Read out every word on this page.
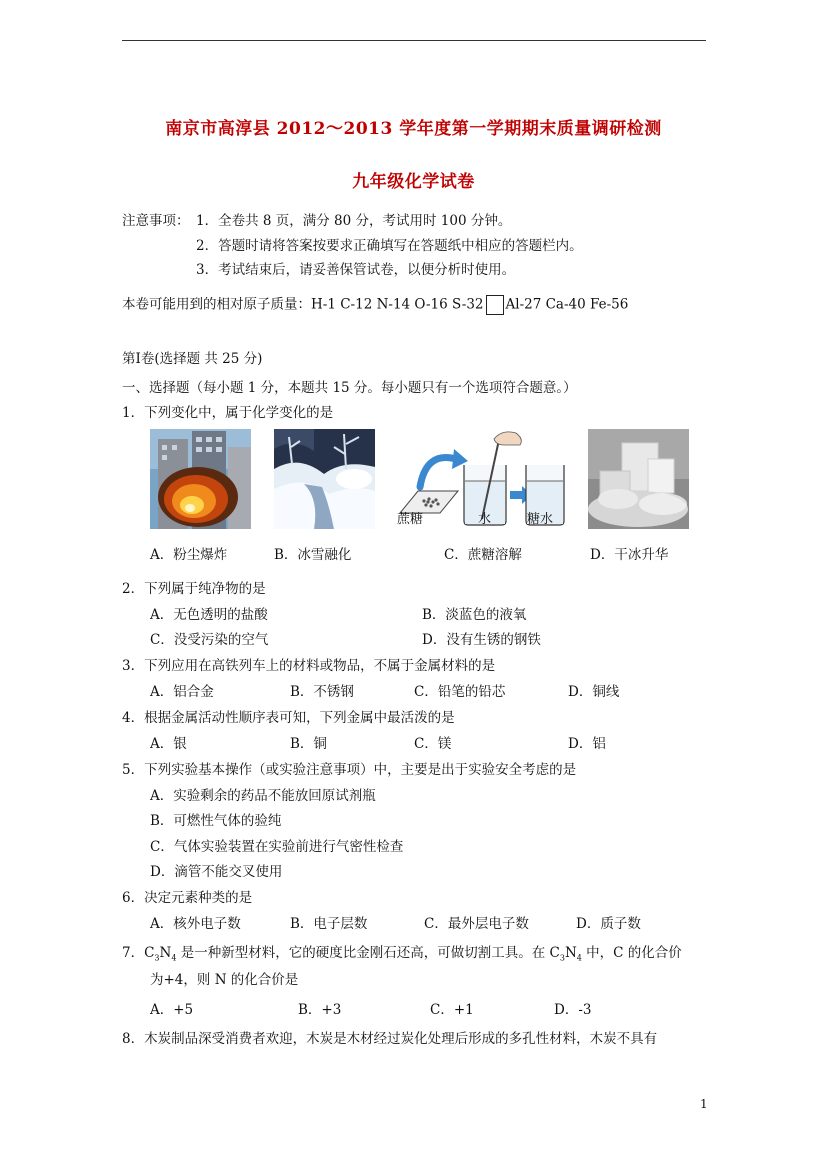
南京市高淳县 2012～2013 学年度第一学期期末质量调研检测
九年级化学试卷
注意事项： 1．全卷共 8 页，满分 80 分，考试用时 100 分钟。
2．答题时请将答案按要求正确填写在答题纸中相应的答题栏内。
3．考试结束后，请妥善保管试卷，以便分析时使用。
本卷可能用到的相对原子质量：H-1 C-12 N-14 O-16 S-32 Al-27 Ca-40 Fe-56
第Ⅰ卷(选择题 共 25 分)
一、选择题（每小题 1 分，本题共 15 分。每小题只有一个选项符合题意。）
1．下列变化中，属于化学变化的是
蔗糖	水	糖水
A．粉尘爆炸	B．冰雪融化	C．蔗糖溶解	D．干冰升华
2．下列属于纯净物的是
A．无色透明的盐酸	B．淡蓝色的液氧
C．没受污染的空气	D．没有生锈的钢铁
3．下列应用在高铁列车上的材料或物品，不属于金属材料的是
A．铝合金	B．不锈钢	C．铅笔的铅芯	D．铜线
4．根据金属活动性顺序表可知，下列金属中最活泼的是
A．银	B．铜	C．镁	D．铝
5．下列实验基本操作（或实验注意事项）中，主要是出于实验安全考虑的是
A．实验剩余的药品不能放回原试剂瓶
B．可燃性气体的验纯
C．气体实验装置在实验前进行气密性检查
D．滴管不能交叉使用
6．决定元素种类的是
A．核外电子数	B．电子层数	C．最外层电子数	D．质子数
7．$C_3N_4$ 是一种新型材料，它的硬度比金刚石还高，可做切割工具。在 $C_3N_4$ 中，C 的化合价
为+4，则 N 的化合价是
A．+5	B．+3	C．+1	D．-3
8．木炭制品深受消费者欢迎，木炭是木材经过炭化处理后形成的多孔性材料，木炭不具有
1
